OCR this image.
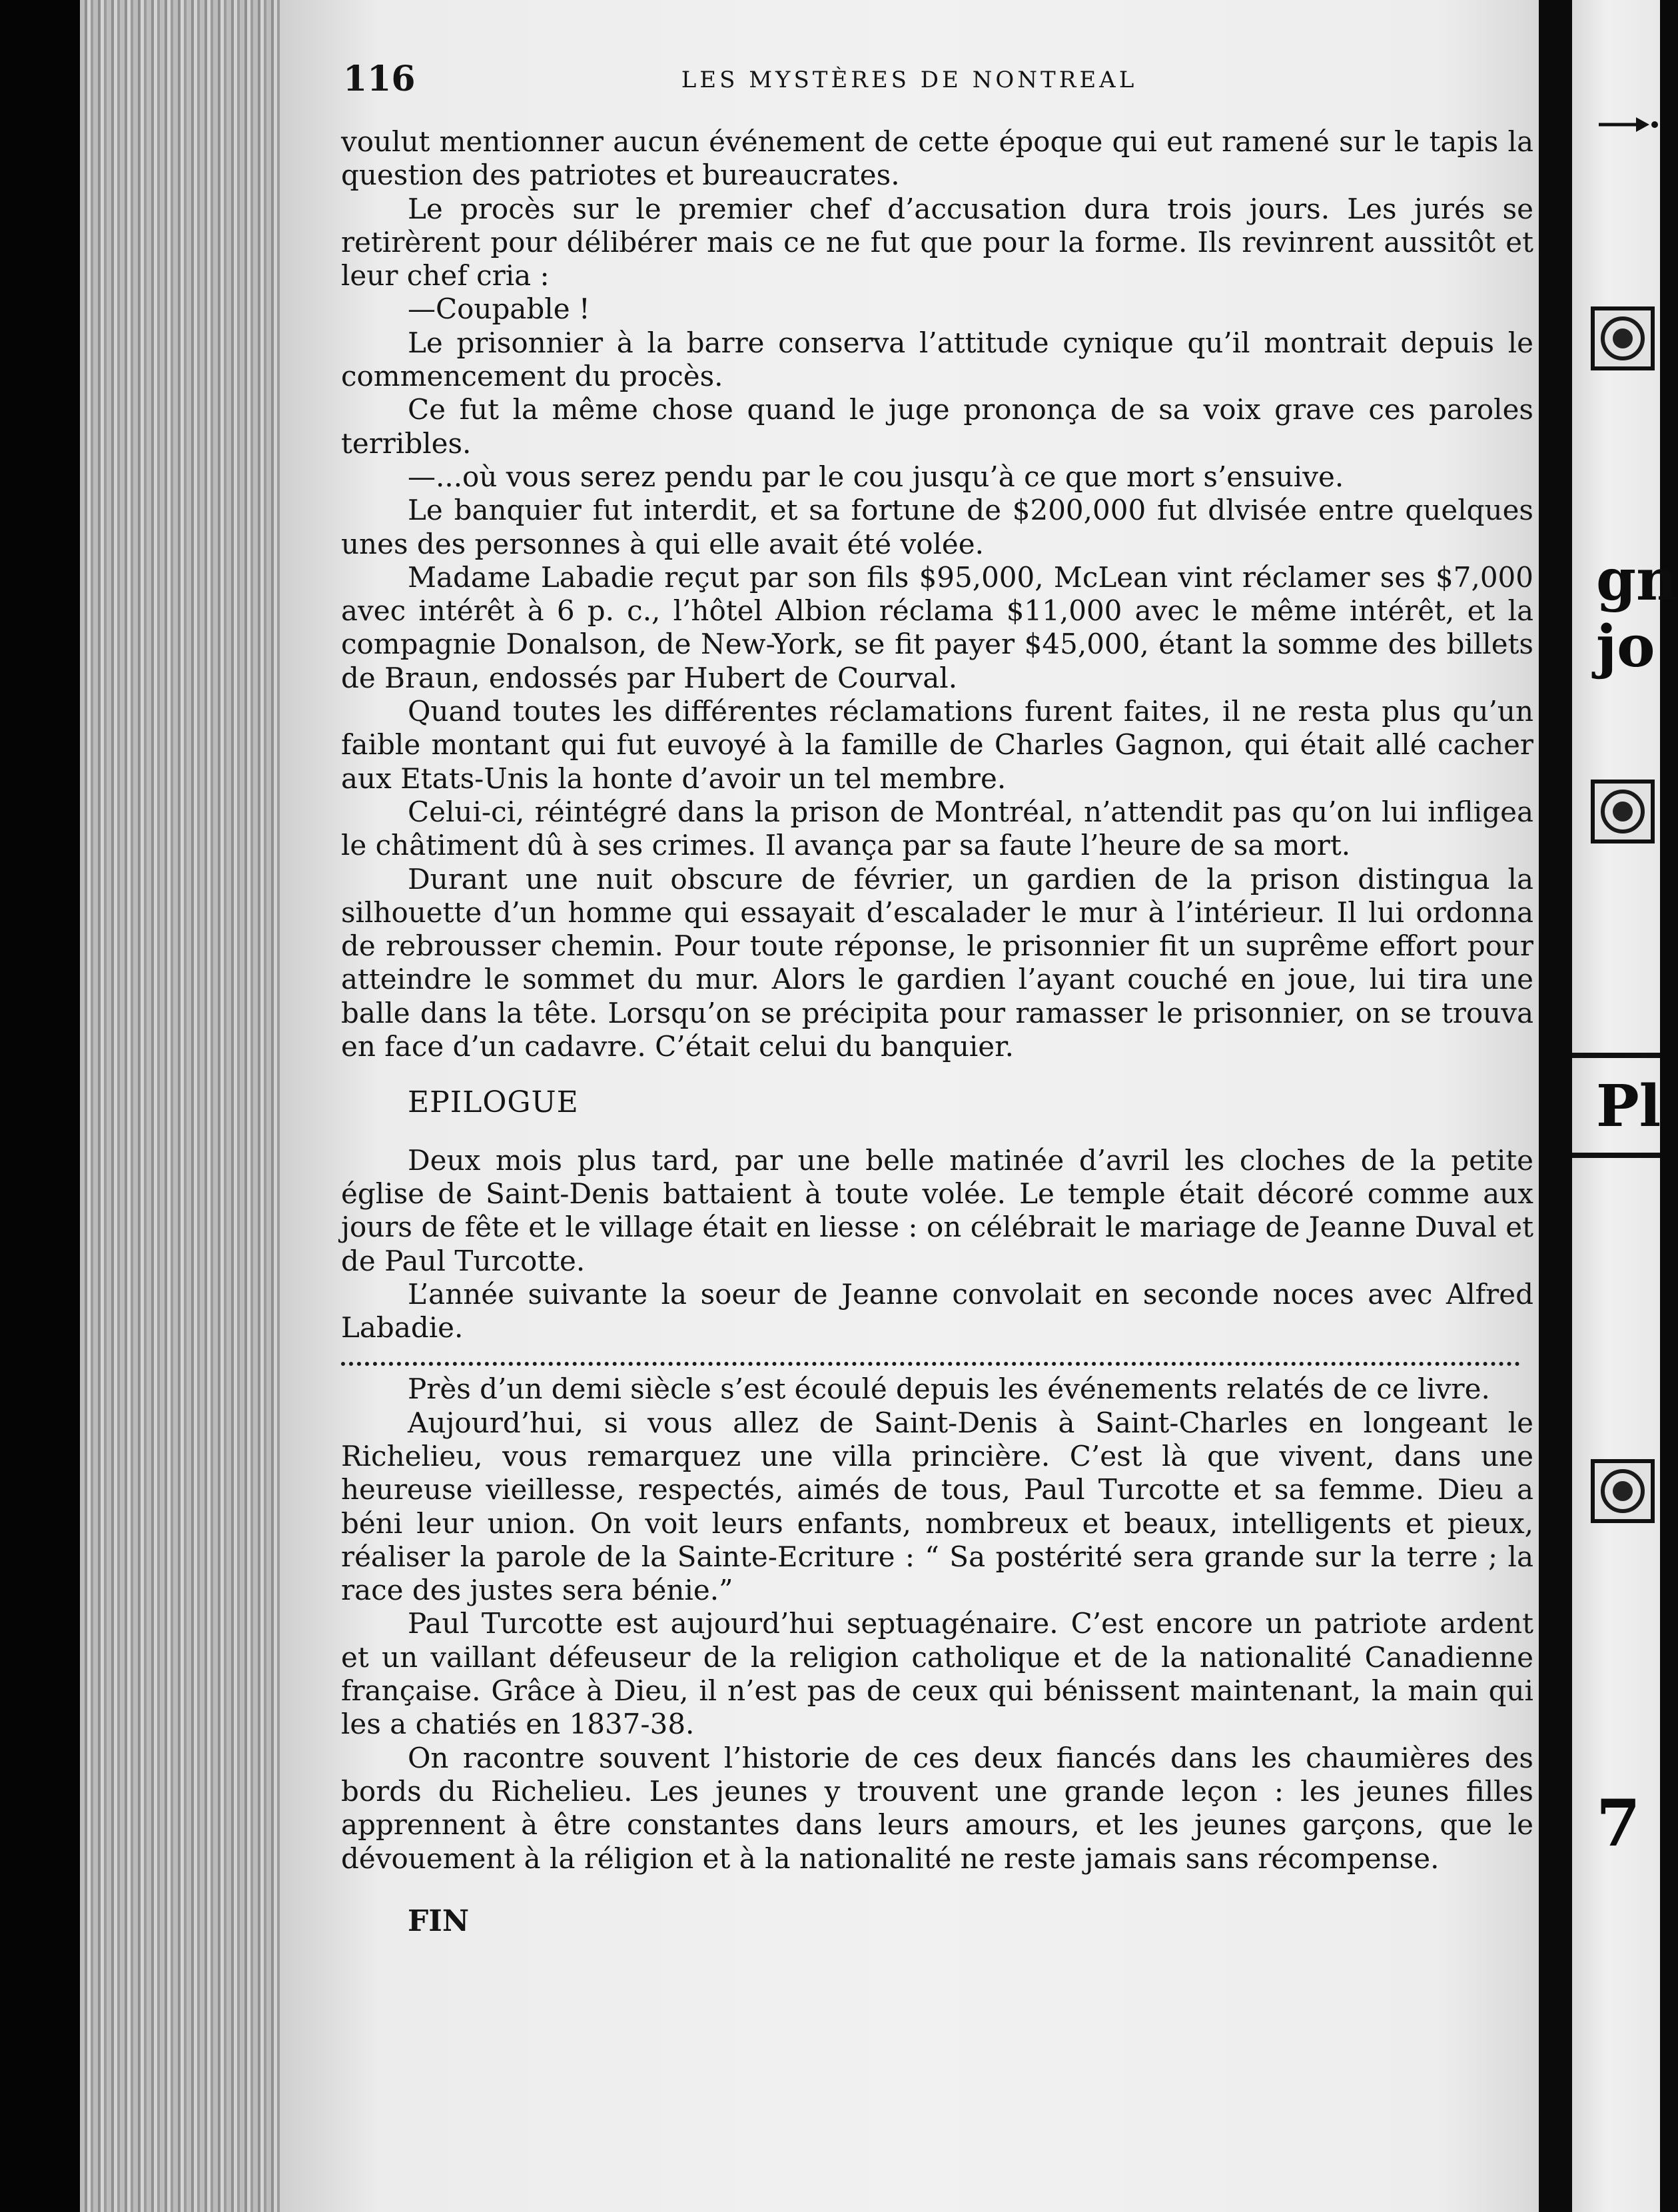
116	LES MYSTÈRES DE NONTREAL

voulut mentionner aucun événement de cette époque qui eut ramené sur le tapis la question des patriotes et bureaucrates.

Le procès sur le premier chef d’accusation dura trois jours. Les jurés se retirèrent pour délibérer mais ce ne fut que pour la forme. Ils revinrent aussitôt et leur chef cria :

—Coupable !

Le prisonnier à la barre conserva l’attitude cynique qu’il montrait depuis le commencement du procès.

Ce fut la même chose quand le juge prononça de sa voix grave ces paroles terribles.

—...où vous serez pendu par le cou jusqu’à ce que mort s’ensuive.

Le banquier fut interdit, et sa fortune de $200,000 fut dlvisée entre quelques unes des personnes à qui elle avait été volée.

Madame Labadie reçut par son fils $95,000, McLean vint réclamer ses $7,000 avec intérêt à 6 p. c., l’hôtel Albion réclama $11,000 avec le même intérêt, et la compagnie Donalson, de New-York, se fit payer $45,000, étant la somme des billets de Braun, endossés par Hubert de Courval.

Quand toutes les différentes réclamations furent faites, il ne resta plus qu’un faible montant qui fut euvoyé à la famille de Charles Gagnon, qui était allé cacher aux Etats-Unis la honte d’avoir un tel membre.

Celui-ci, réintégré dans la prison de Montréal, n’attendit pas qu’on lui infligea le châtiment dû à ses crimes. Il avança par sa faute l’heure de sa mort.

Durant une nuit obscure de février, un gardien de la prison distingua la silhouette d’un homme qui essayait d’escalader le mur à l’intérieur. Il lui ordonna de rebrousser chemin. Pour toute réponse, le prisonnier fit un suprême effort pour atteindre le sommet du mur. Alors le gardien l’ayant couché en joue, lui tira une balle dans la tête. Lorsqu’on se précipita pour ramasser le prisonnier, on se trouva en face d’un cadavre. C’était celui du banquier.

EPILOGUE

Deux mois plus tard, par une belle matinée d’avril les cloches de la petite église de Saint-Denis battaient à toute volée. Le temple était décoré comme aux jours de fête et le village était en liesse : on célébrait le mariage de Jeanne Duval et de Paul Turcotte.

L’année suivante la soeur de Jeanne convolait en seconde noces avec Alfred Labadie.

Près d’un demi siècle s’est écoulé depuis les événements relatés de ce livre.

Aujourd’hui, si vous allez de Saint-Denis à Saint-Charles en longeant le Richelieu, vous remarquez une villa princière. C’est là que vivent, dans une heureuse vieillesse, respectés, aimés de tous, Paul Turcotte et sa femme. Dieu a béni leur union. On voit leurs enfants, nombreux et beaux, intelligents et pieux, réaliser la parole de la Sainte-Ecriture : “ Sa postérité sera grande sur la terre ; la race des justes sera bénie.”

Paul Turcotte est aujourd’hui septuagénaire. C’est encore un patriote ardent et un vaillant défeuseur de la religion catholique et de la nationalité Canadienne française. Grâce à Dieu, il n’est pas de ceux qui bénissent maintenant, la main qui les a chatiés en 1837-38.

On racontre souvent l’historie de ces deux fiancés dans les chaumières des bords du Richelieu. Les jeunes y trouvent une grande leçon : les jeunes filles apprennent à être constantes dans leurs amours, et les jeunes garçons, que le dévouement à la réligion et à la nationalité ne reste jamais sans récompense.

FIN

gn
jo
Pl
7
